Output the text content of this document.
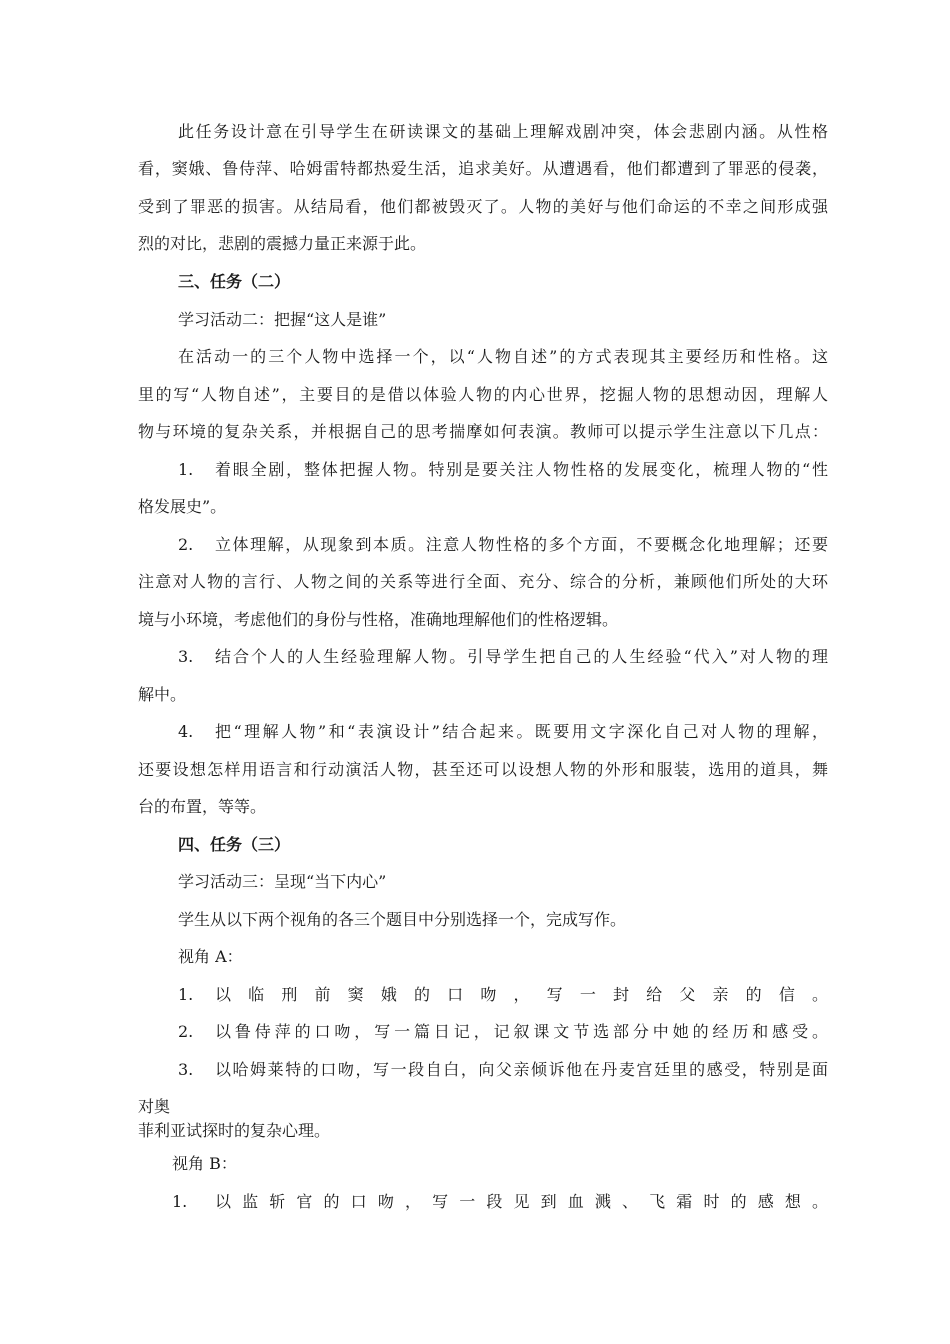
此任务设计意在引导学生在研读课文的基础上理解戏剧冲突，体会悲剧内涵。从性格
看，窦娥、鲁侍萍、哈姆雷特都热爱生活，追求美好。从遭遇看，他们都遭到了罪恶的侵袭，
受到了罪恶的损害。从结局看，他们都被毁灭了。人物的美好与他们命运的不幸之间形成强
烈的对比，悲剧的震撼力量正来源于此。
三、任务（二）
学习活动二：把握“这人是谁”
在活动一的三个人物中选择一个，以“人物自述”的方式表现其主要经历和性格。这
里的写“人物自述”，主要目的是借以体验人物的内心世界，挖掘人物的思想动因，理解人
物与环境的复杂关系，并根据自己的思考揣摩如何表演。教师可以提示学生注意以下几点：
1. 着眼全剧，整体把握人物。特别是要关注人物性格的发展变化，梳理人物的“性
格发展史”。
2. 立体理解，从现象到本质。注意人物性格的多个方面，不要概念化地理解；还要
注意对人物的言行、人物之间的关系等进行全面、充分、综合的分析，兼顾他们所处的大环
境与小环境，考虑他们的身份与性格，准确地理解他们的性格逻辑。
3. 结合个人的人生经验理解人物。引导学生把自己的人生经验“代入”对人物的理
解中。
4. 把“理解人物”和“表演设计”结合起来。既要用文字深化自己对人物的理解，
还要设想怎样用语言和行动演活人物，甚至还可以设想人物的外形和服装，选用的道具，舞
台的布置，等等。
四、任务（三）
学习活动三：呈现“当下内心”
学生从以下两个视角的各三个题目中分别选择一个，完成写作。
视角 A：
1. 以临刑前窦娥的口吻，写一封给父亲的信。
2. 以鲁侍萍的口吻，写一篇日记，记叙课文节选部分中她的经历和感受。
3. 以哈姆莱特的口吻，写一段自白，向父亲倾诉他在丹麦宫廷里的感受，特别是面
对奥
菲利亚试探时的复杂心理。
视角 B：
1. 以监斩官的口吻，写一段见到血溅、飞霜时的感想。
